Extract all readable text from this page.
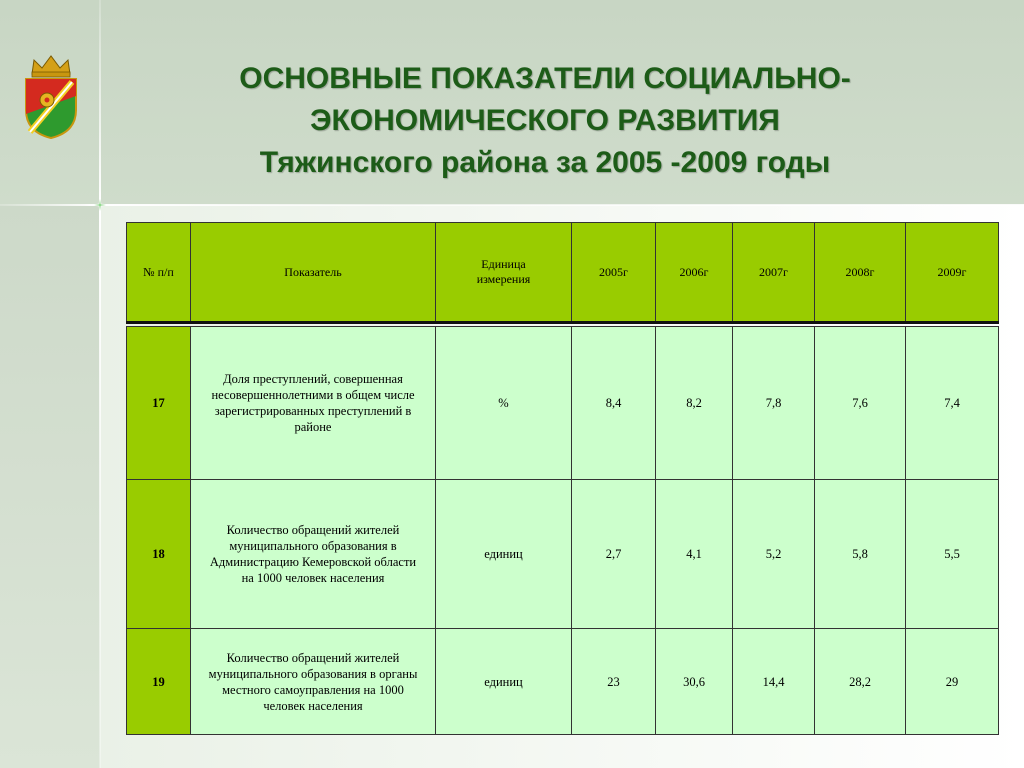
ОСНОВНЫЕ ПОКАЗАТЕЛИ СОЦИАЛЬНО-
ЭКОНОМИЧЕСКОГО РАЗВИТИЯ
Тяжинского района за 2005 -2009 годы
№ п/п	Показатель	Единица измерения	2005г	2006г	2007г	2008г	2009г
17	Доля преступлений, совершенная несовершеннолетними в общем числе зарегистрированных преступлений в районе	%	8,4	8,2	7,8	7,6	7,4
18	Количество обращений жителей муниципального образования в Администрацию Кемеровской области на 1000 человек населения	единиц	2,7	4,1	5,2	5,8	5,5
19	Количество обращений жителей муниципального образования в органы местного самоуправления на 1000 человек населения	единиц	23	30,6	14,4	28,2	29
